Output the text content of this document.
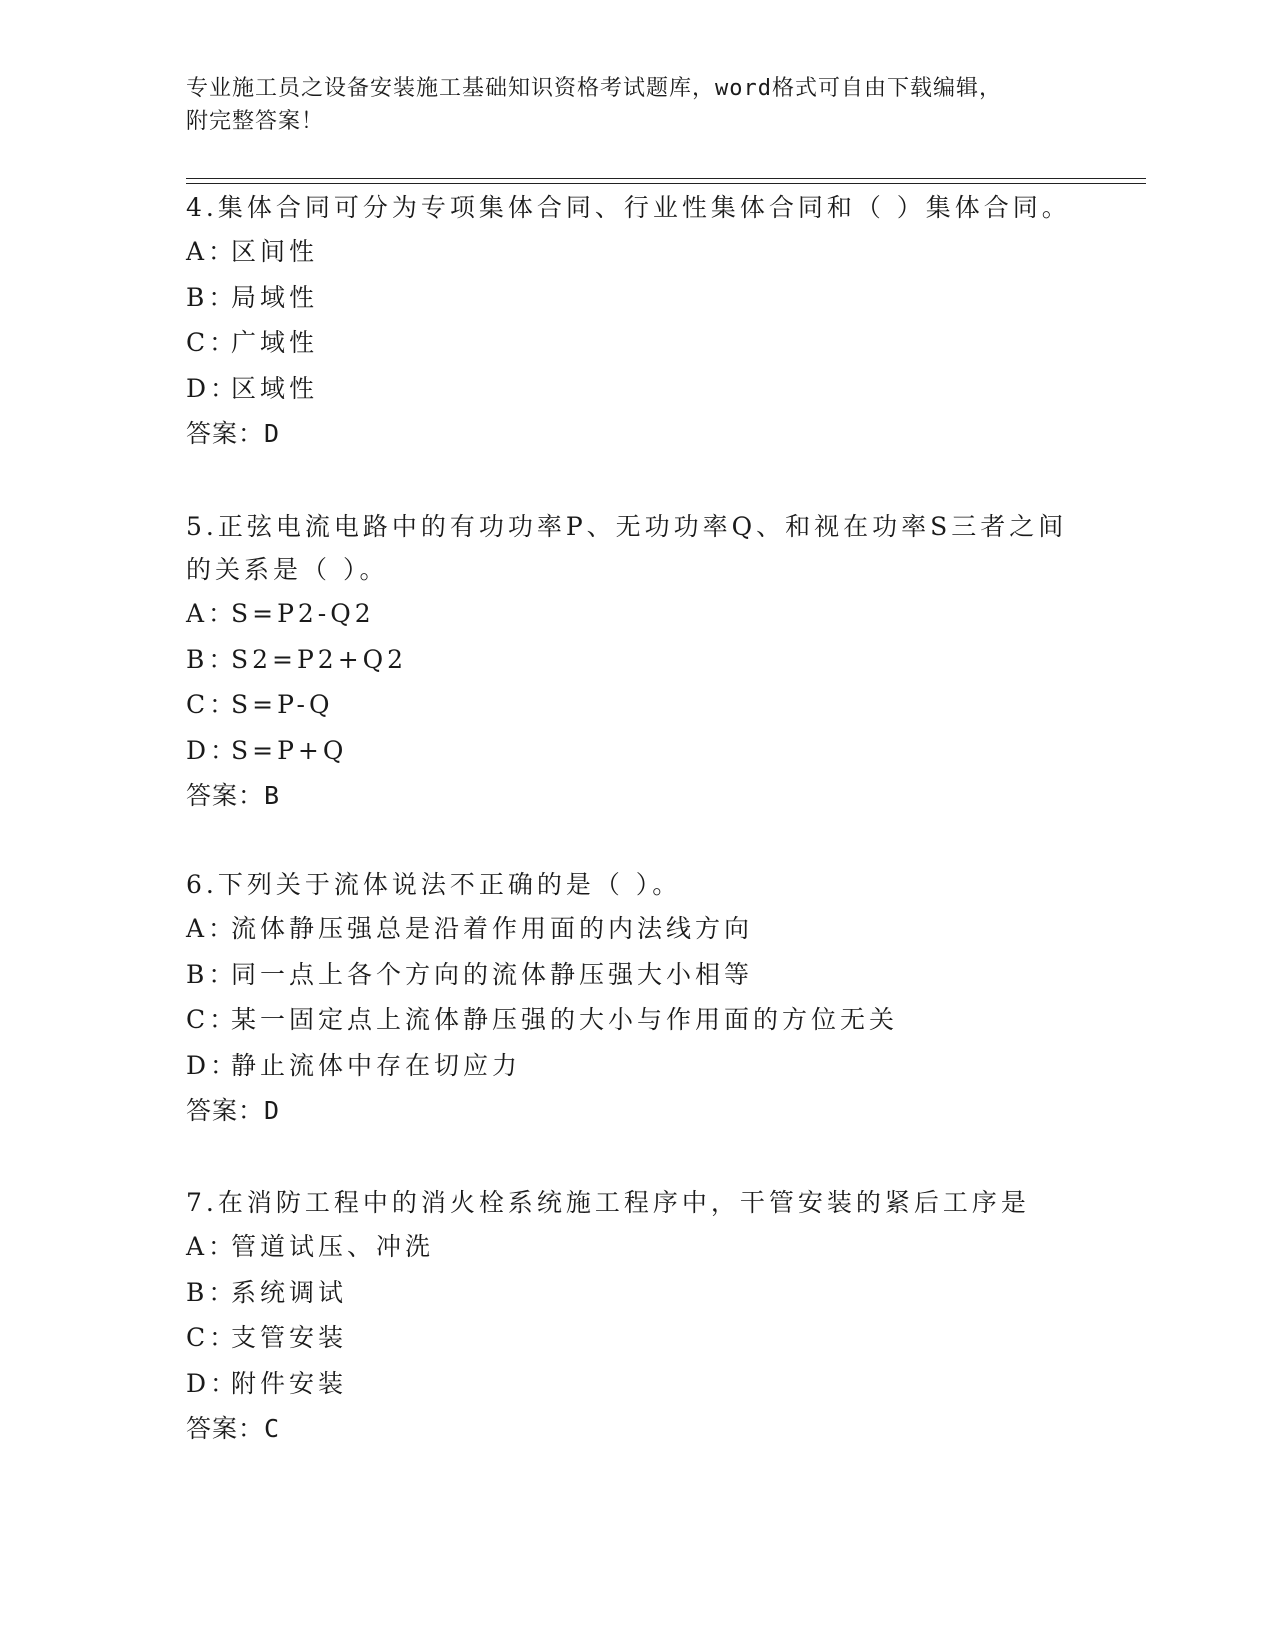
专业施工员之设备安装施工基础知识资格考试题库，word格式可自由下载编辑，
附完整答案！

4.集体合同可分为专项集体合同、行业性集体合同和（ ）集体合同。

A：区间性

B：局域性

C：广域性

D：区域性

答案：D

5.正弦电流电路中的有功功率P、无功功率Q、和视在功率S三者之间

的关系是（ ）。

A：S=P2-Q2

B：S2=P2+Q2

C：S=P-Q

D：S=P+Q

答案：B

6.下列关于流体说法不正确的是（ ）。

A：流体静压强总是沿着作用面的内法线方向

B：同一点上各个方向的流体静压强大小相等

C：某一固定点上流体静压强的大小与作用面的方位无关

D：静止流体中存在切应力

答案：D

7.在消防工程中的消火栓系统施工程序中，干管安装的紧后工序是

A：管道试压、冲洗

B：系统调试

C：支管安装

D：附件安装

答案：C
